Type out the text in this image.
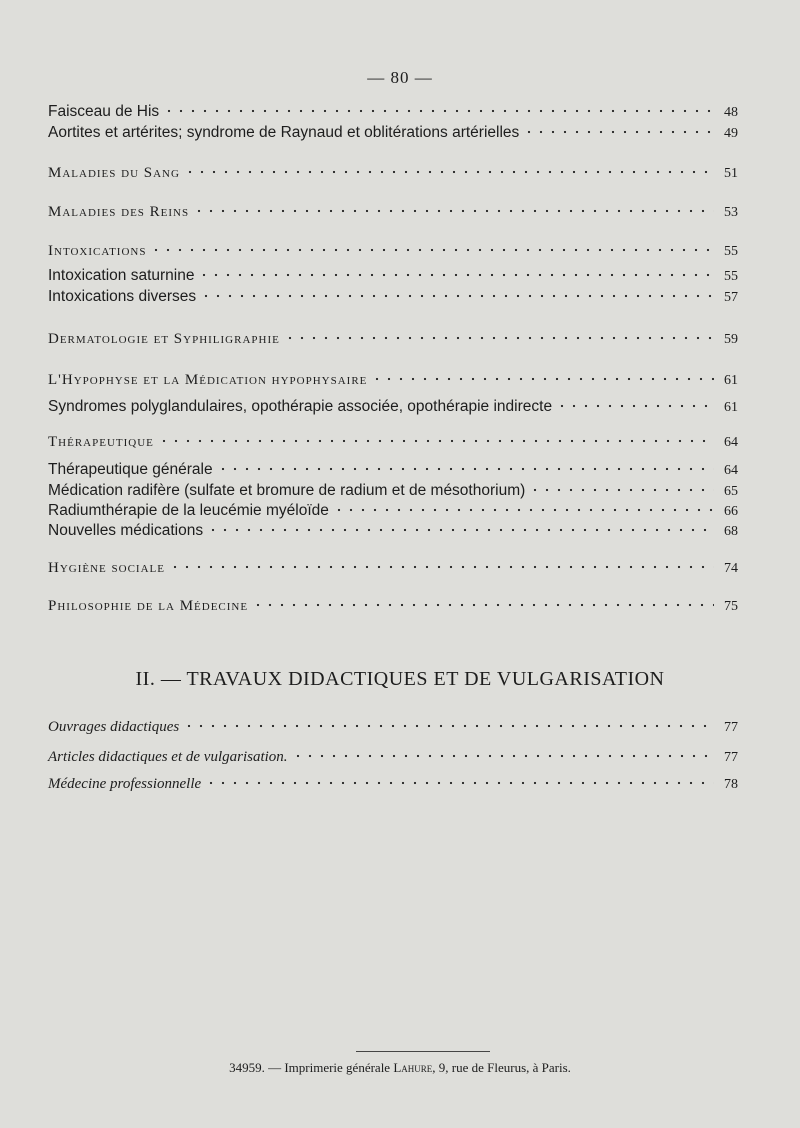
— 80 —
Faisceau de His	48
Aortites et artérites; syndrome de Raynaud et oblitérations artérielles	49
Maladies du Sang	51
Maladies des Reins	53
Intoxications	55
Intoxication saturnine	55
Intoxications diverses	57
Dermatologie et Syphiligraphie	59
L'Hypophyse et la Médication hypophysaire	61
Syndromes polyglandulaires, opothérapie associée, opothérapie indirecte	61
Thérapeutique	64
Thérapeutique générale	64
Médication radifère (sulfate et bromure de radium et de mésothorium)	65
Radiumthérapie de la leucémie myéloïde	66
Nouvelles médications	68
Hygiène sociale	74
Philosophie de la Médecine	75
Ouvrages didactiques	77
Articles didactiques et de vulgarisation.	77
Médecine professionnelle	78
II. — TRAVAUX DIDACTIQUES ET DE VULGARISATION
34959. — Imprimerie générale Lahure, 9, rue de Fleurus, à Paris.
